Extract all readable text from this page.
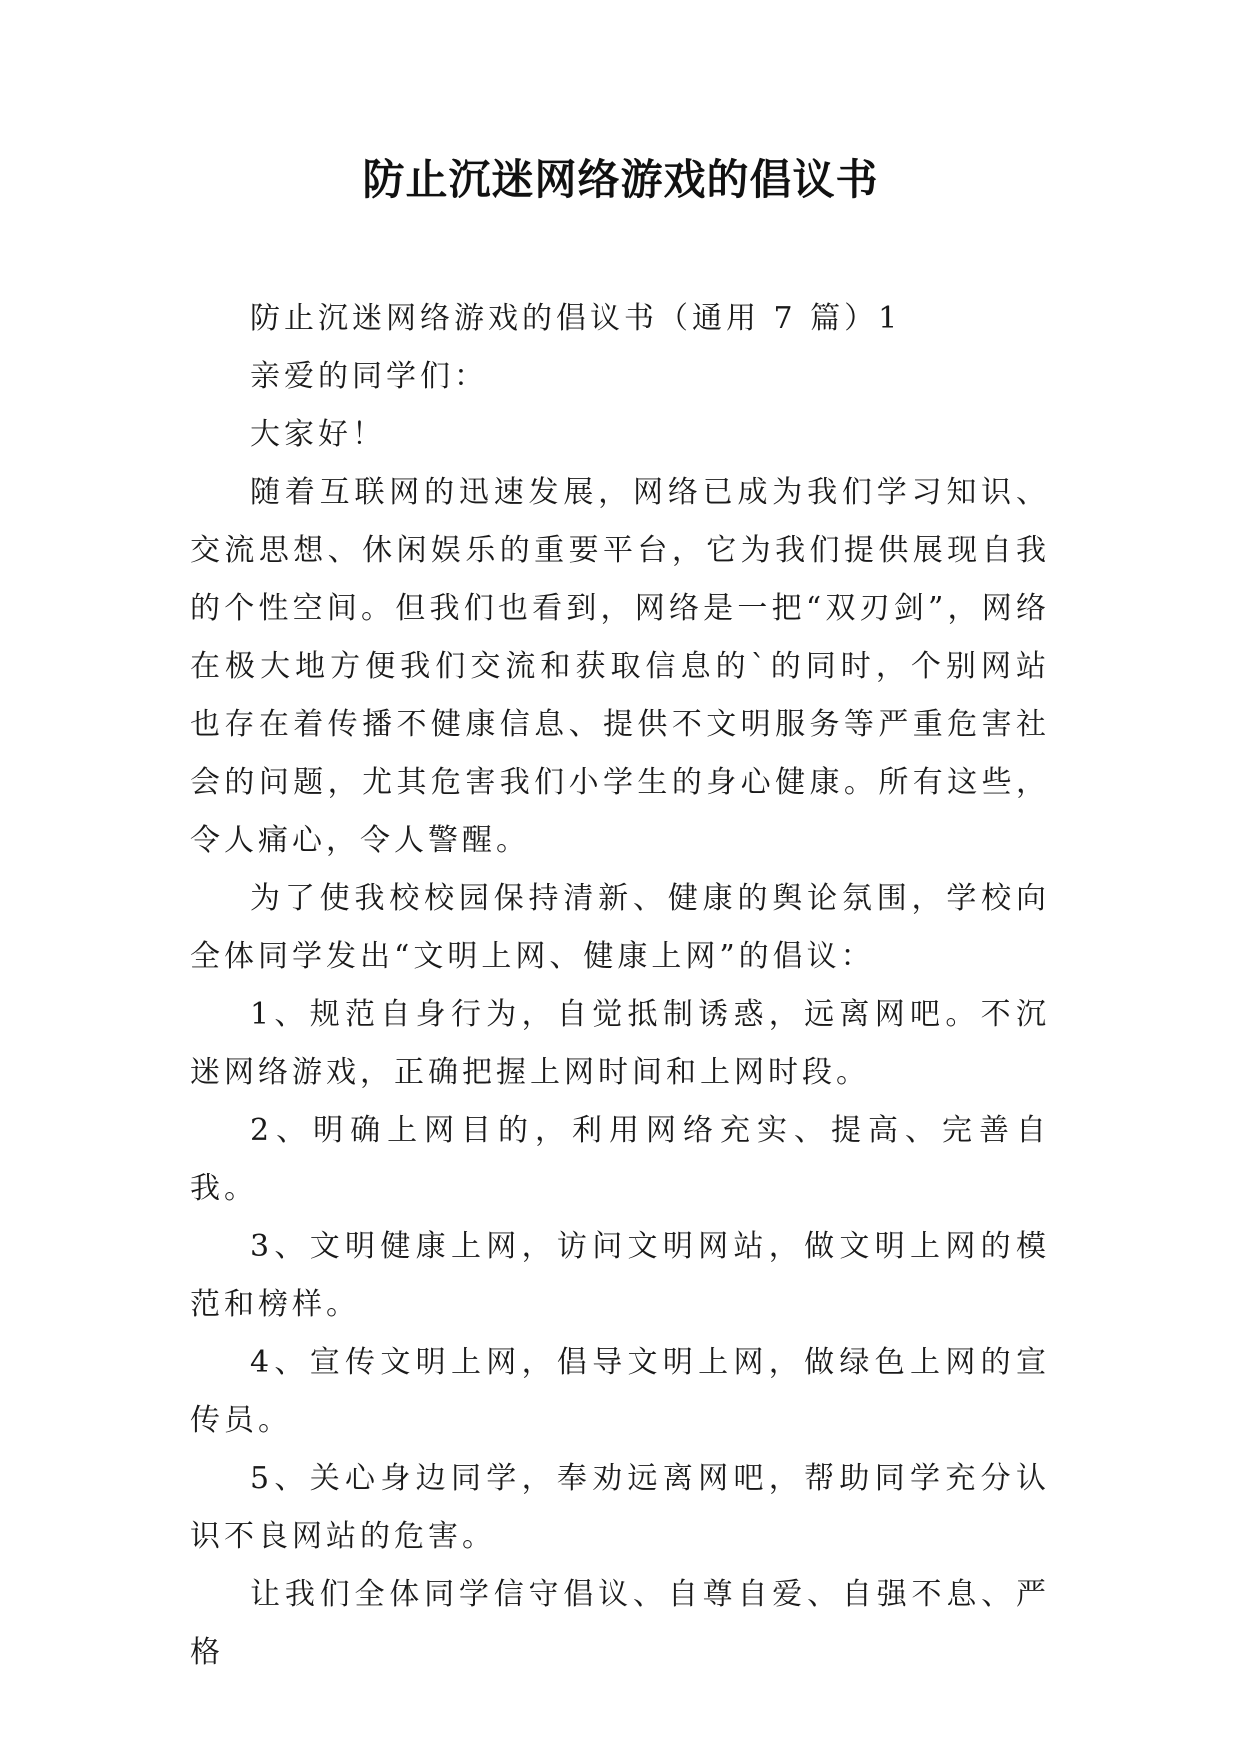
防止沉迷网络游戏的倡议书

防止沉迷网络游戏的倡议书（通用 7 篇）1

亲爱的同学们：

大家好！

随着互联网的迅速发展，网络已成为我们学习知识、交流思想、休闲娱乐的重要平台，它为我们提供展现自我的个性空间。但我们也看到，网络是一把“双刃剑”，网络在极大地方便我们交流和获取信息的`的同时，个别网站也存在着传播不健康信息、提供不文明服务等严重危害社会的问题，尤其危害我们小学生的身心健康。所有这些，令人痛心，令人警醒。

为了使我校校园保持清新、健康的舆论氛围，学校向全体同学发出“文明上网、健康上网”的倡议：

1、规范自身行为，自觉抵制诱惑，远离网吧。不沉迷网络游戏，正确把握上网时间和上网时段。

2、明确上网目的，利用网络充实、提高、完善自我。

3、文明健康上网，访问文明网站，做文明上网的模范和榜样。

4、宣传文明上网，倡导文明上网，做绿色上网的宣传员。

5、关心身边同学，奉劝远离网吧，帮助同学充分认识不良网站的危害。

让我们全体同学信守倡议、自尊自爱、自强不息、严格
